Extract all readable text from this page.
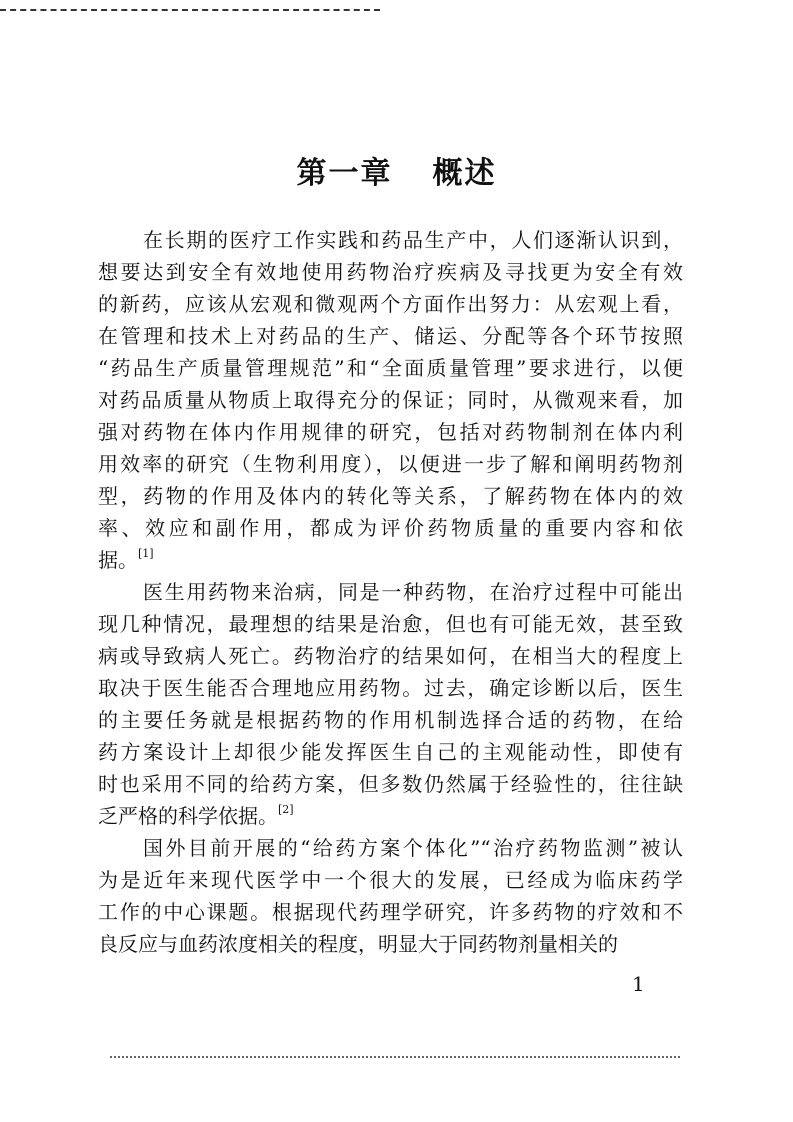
第一章 概述
在长期的医疗工作实践和药品生产中，人们逐渐认识到，
想要达到安全有效地使用药物治疗疾病及寻找更为安全有效
的新药，应该从宏观和微观两个方面作出努力：从宏观上看，
在管理和技术上对药品的生产、储运、分配等各个环节按照
“药品生产质量管理规范”和“全面质量管理”要求进行，以便
对药品质量从物质上取得充分的保证；同时，从微观来看，加
强对药物在体内作用规律的研究，包括对药物制剂在体内利
用效率的研究（生物利用度），以便进一步了解和阐明药物剂
型，药物的作用及体内的转化等关系，了解药物在体内的效
率、效应和副作用，都成为评价药物质量的重要内容和依
据。[1]
医生用药物来治病，同是一种药物，在治疗过程中可能出
现几种情况，最理想的结果是治愈，但也有可能无效，甚至致
病或导致病人死亡。药物治疗的结果如何，在相当大的程度上
取决于医生能否合理地应用药物。过去，确定诊断以后，医生
的主要任务就是根据药物的作用机制选择合适的药物，在给
药方案设计上却很少能发挥医生自己的主观能动性，即使有
时也采用不同的给药方案，但多数仍然属于经验性的，往往缺
乏严格的科学依据。[2]
国外目前开展的“给药方案个体化”“治疗药物监测”被认
为是近年来现代医学中一个很大的发展，已经成为临床药学
工作的中心课题。根据现代药理学研究，许多药物的疗效和不
良反应与血药浓度相关的程度，明显大于同药物剂量相关的
1
